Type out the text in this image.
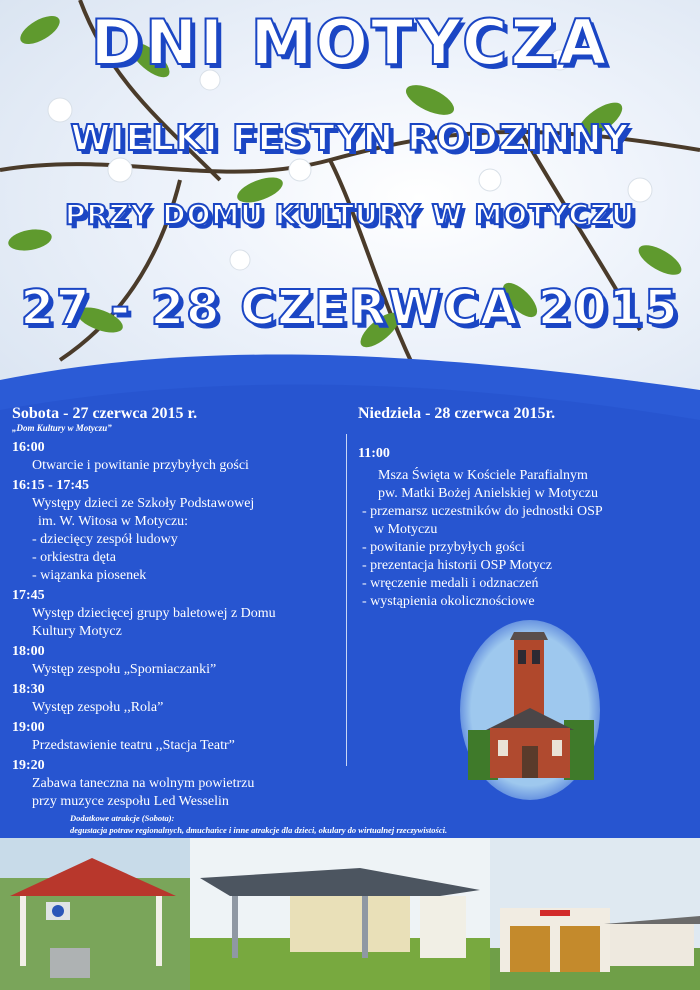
DNI MOTYCZA
WIELKI FESTYN RODZINNY
PRZY DOMU KULTURY W MOTYCZU
27 - 28 CZERWCA 2015

Sobota - 27 czerwca 2015 r.

„Dom Kultury w Motyczu”

16:00
Otwarcie i powitanie przybyłych gości
16:15 - 17:45
Występy dzieci ze Szkoły Podstawowej
im. W. Witosa w Motyczu:
- dziecięcy zespół ludowy
- orkiestra dęta
- wiązanka piosenek
17:45
Występ dziecięcej grupy baletowej z Domu
Kultury Motycz
18:00
Występ zespołu „Sporniaczanki”
18:30
Występ zespołu ,,Rola”
19:00
Przedstawienie teatru ,,Stacja Teatr”
19:20
Zabawa taneczna na wolnym powietrzu
przy muzyce zespołu Led Wesselin

Niedziela - 28 czerwca 2015r.

11:00
Msza Święta w Kościele Parafialnym
pw. Matki Bożej Anielskiej w Motyczu
- przemarsz uczestników do jednostki OSP
w Motyczu
- powitanie przybyłych gości
- prezentacja historii OSP Motycz
- wręczenie medali i odznaczeń
- wystąpienia okolicznościowe
Dodatkowe atrakcje (Sobota):
degustacja potraw regionalnych, dmuchańce i inne atrakcje dla dzieci, okulary do wirtualnej rzeczywistości.
